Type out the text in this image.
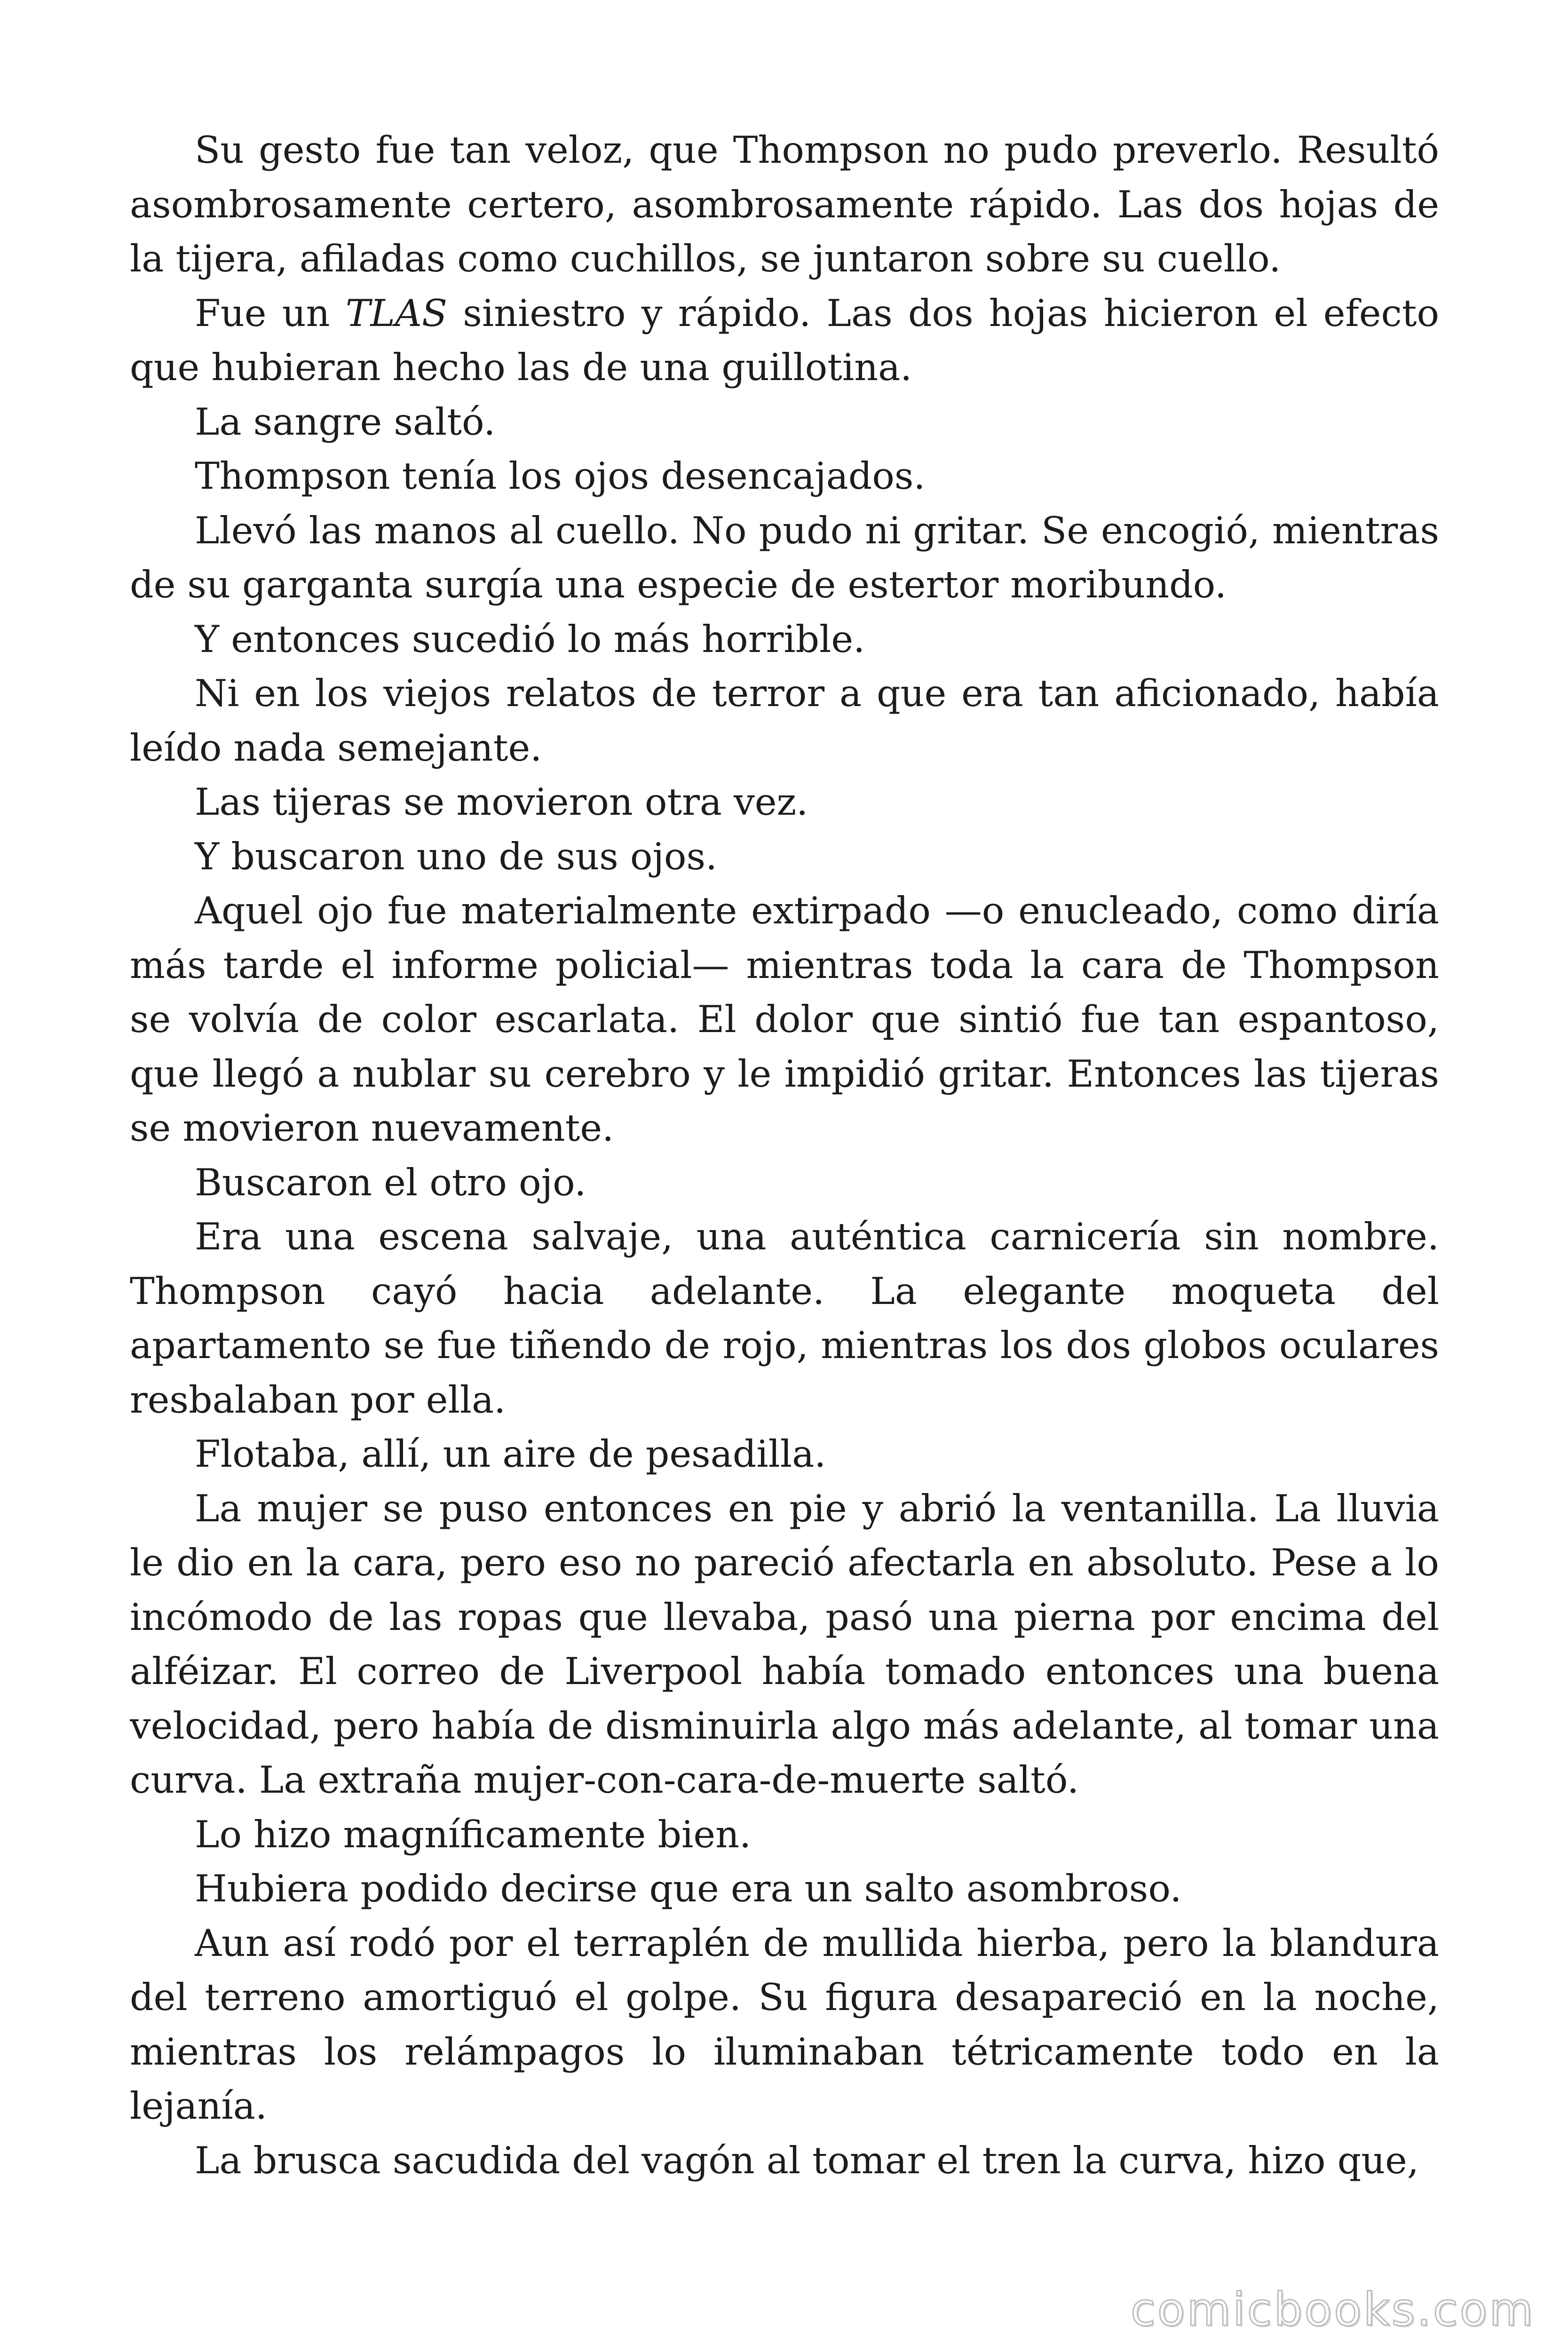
Su gesto fue tan veloz, que Thompson no pudo preverlo. Resultó asombrosamente certero, asombrosamente rápido. Las dos hojas de la tijera, afiladas como cuchillos, se juntaron sobre su cuello.

Fue un TLAS siniestro y rápido. Las dos hojas hicieron el efecto que hubieran hecho las de una guillotina.

La sangre saltó.

Thompson tenía los ojos desencajados.

Llevó las manos al cuello. No pudo ni gritar. Se encogió, mientras de su garganta surgía una especie de estertor moribundo.

Y entonces sucedió lo más horrible.

Ni en los viejos relatos de terror a que era tan aficionado, había leído nada semejante.

Las tijeras se movieron otra vez.

Y buscaron uno de sus ojos.

Aquel ojo fue materialmente extirpado —o enucleado, como diría más tarde el informe policial— mientras toda la cara de Thompson se volvía de color escarlata. El dolor que sintió fue tan espantoso, que llegó a nublar su cerebro y le impidió gritar. Entonces las tijeras se movieron nuevamente.

Buscaron el otro ojo.

Era una escena salvaje, una auténtica carnicería sin nombre. Thompson cayó hacia adelante. La elegante moqueta del apartamento se fue tiñendo de rojo, mientras los dos globos oculares resbalaban por ella.

Flotaba, allí, un aire de pesadilla.

La mujer se puso entonces en pie y abrió la ventanilla. La lluvia le dio en la cara, pero eso no pareció afectarla en absoluto. Pese a lo incómodo de las ropas que llevaba, pasó una pierna por encima del alféizar. El correo de Liverpool había tomado entonces una buena velocidad, pero había de disminuirla algo más adelante, al tomar una curva. La extraña mujer-con-cara-de-muerte saltó.

Lo hizo magníficamente bien.

Hubiera podido decirse que era un salto asombroso.

Aun así rodó por el terraplén de mullida hierba, pero la blandura del terreno amortiguó el golpe. Su figura desapareció en la noche, mientras los relámpagos lo iluminaban tétricamente todo en la lejanía.

La brusca sacudida del vagón al tomar el tren la curva, hizo que,

comicbooks.com
